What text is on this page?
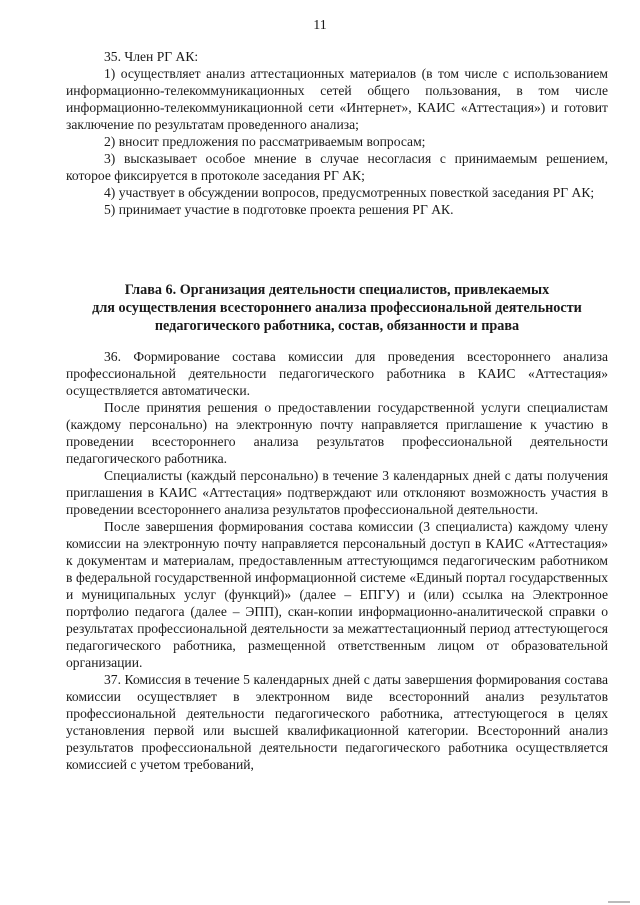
11

35. Член РГ АК:

1) осуществляет анализ аттестационных материалов (в том числе с использованием информационно-телекоммуникационных сетей общего пользования, в том числе информационно-телекоммуникационной сети «Интернет», КАИС «Аттестация») и готовит заключение по результатам проведенного анализа;

2) вносит предложения по рассматриваемым вопросам;

3) высказывает особое мнение в случае несогласия с принимаемым решением, которое фиксируется в протоколе заседания РГ АК;

4) участвует в обсуждении вопросов, предусмотренных повесткой заседания РГ АК;

5) принимает участие в подготовке проекта решения РГ АК.

Глава 6. Организация деятельности специалистов, привлекаемых
для осуществления всестороннего анализа профессиональной деятельности
педагогического работника, состав, обязанности и права

36. Формирование состава комиссии для проведения всестороннего анализа профессиональной деятельности педагогического работника в КАИС «Аттестация» осуществляется автоматически.

После принятия решения о предоставлении государственной услуги специалистам (каждому персонально) на электронную почту направляется приглашение к участию в проведении всестороннего анализа результатов профессиональной деятельности педагогического работника.

Специалисты (каждый персонально) в течение 3 календарных дней с даты получения приглашения в КАИС «Аттестация» подтверждают или отклоняют возможность участия в проведении всестороннего анализа результатов профессиональной деятельности.

После завершения формирования состава комиссии (3 специалиста) каждому члену комиссии на электронную почту направляется персональный доступ в КАИС «Аттестация» к документам и материалам, предоставленным аттестующимся педагогическим работником в федеральной государственной информационной системе «Единый портал государственных и муниципальных услуг (функций)» (далее – ЕПГУ) и (или) ссылка на Электронное портфолио педагога (далее – ЭПП), скан-копии информационно-аналитической справки о результатах профессиональной деятельности за межаттестационный период аттестующегося педагогического работника, размещенной ответственным лицом от образовательной организации.

37. Комиссия в течение 5 календарных дней с даты завершения формирования состава комиссии осуществляет в электронном виде всесторонний анализ результатов профессиональной деятельности педагогического работника, аттестующегося в целях установления первой или высшей квалификационной категории. Всесторонний анализ результатов профессиональной деятельности педагогического работника осуществляется комиссией с учетом требований,
